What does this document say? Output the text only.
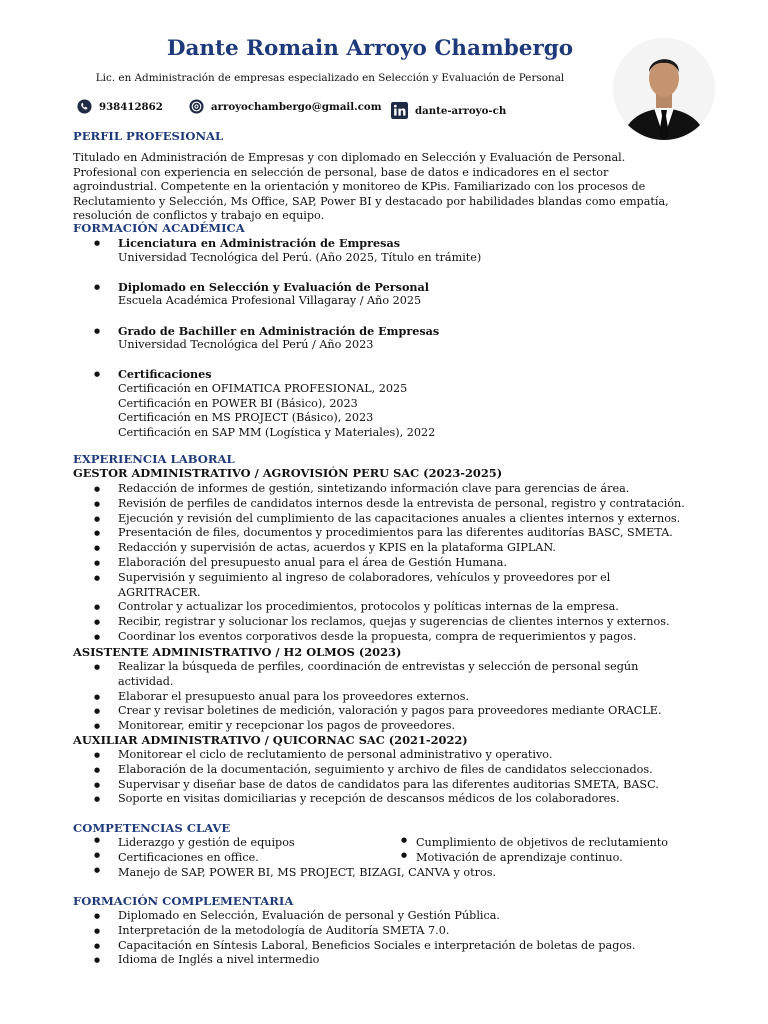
Dante Romain Arroyo Chambergo
Lic. en Administración de empresas especializado en Selección y Evaluación de Personal
938412862	arroyochambergo@gmail.com	dante-arroyo-ch
PERFIL PROFESIONAL
Titulado en Administración de Empresas y con diplomado en Selección y Evaluación de Personal. Profesional con experiencia en selección de personal, base de datos e indicadores en el sector agroindustrial. Competente en la orientación y monitoreo de KPis. Familiarizado con los procesos de Reclutamiento y Selección, Ms Office, SAP, Power BI y destacado por habilidades blandas como empatía, resolución de conflictos y trabajo en equipo.
FORMACIÓN ACADÉMICA
● Licenciatura en Administración de Empresas
Universidad Tecnológica del Perú. (Año 2025, Título en trámite)
● Diplomado en Selección y Evaluación de Personal
Escuela Académica Profesional Villagaray / Año 2025
● Grado de Bachiller en Administración de Empresas
Universidad Tecnológica del Perú / Año 2023
● Certificaciones
Certificación en OFIMATICA PROFESIONAL, 2025
Certificación en POWER BI (Básico), 2023
Certificación en MS PROJECT (Básico), 2023
Certificación en SAP MM (Logística y Materiales), 2022
EXPERIENCIA LABORAL
GESTOR ADMINISTRATIVO / AGROVISIÓN PERU SAC (2023-2025)
● Redacción de informes de gestión, sintetizando información clave para gerencias de área.
● Revisión de perfiles de candidatos internos desde la entrevista de personal, registro y contratación.
● Ejecución y revisión del cumplimiento de las capacitaciones anuales a clientes internos y externos.
● Presentación de files, documentos y procedimientos para las diferentes auditorías BASC, SMETA.
● Redacción y supervisión de actas, acuerdos y KPIS en la plataforma GIPLAN.
● Elaboración del presupuesto anual para el área de Gestión Humana.
● Supervisión y seguimiento al ingreso de colaboradores, vehículos y proveedores por el AGRITRACER.
● Controlar y actualizar los procedimientos, protocolos y políticas internas de la empresa.
● Recibir, registrar y solucionar los reclamos, quejas y sugerencias de clientes internos y externos.
● Coordinar los eventos corporativos desde la propuesta, compra de requerimientos y pagos.
ASISTENTE ADMINISTRATIVO / H2 OLMOS (2023)
● Realizar la búsqueda de perfiles, coordinación de entrevistas y selección de personal según actividad.
● Elaborar el presupuesto anual para los proveedores externos.
● Crear y revisar boletines de medición, valoración y pagos para proveedores mediante ORACLE.
● Monitorear, emitir y recepcionar los pagos de proveedores.
AUXILIAR ADMINISTRATIVO / QUICORNAC SAC (2021-2022)
● Monitorear el ciclo de reclutamiento de personal administrativo y operativo.
● Elaboración de la documentación, seguimiento y archivo de files de candidatos seleccionados.
● Supervisar y diseñar base de datos de candidatos para las diferentes auditorias SMETA, BASC.
● Soporte en visitas domiciliarias y recepción de descansos médicos de los colaboradores.
COMPETENCIAS CLAVE
● Liderazgo y gestión de equipos	● Cumplimiento de objetivos de reclutamiento
● Certificaciones en office.	● Motivación de aprendizaje continuo.
● Manejo de SAP, POWER BI, MS PROJECT, BIZAGI, CANVA y otros.
FORMACIÓN COMPLEMENTARIA
● Diplomado en Selección, Evaluación de personal y Gestión Pública.
● Interpretación de la metodología de Auditoría SMETA 7.0.
● Capacitación en Síntesis Laboral, Beneficios Sociales e interpretación de boletas de pagos.
● Idioma de Inglés a nivel intermedio
